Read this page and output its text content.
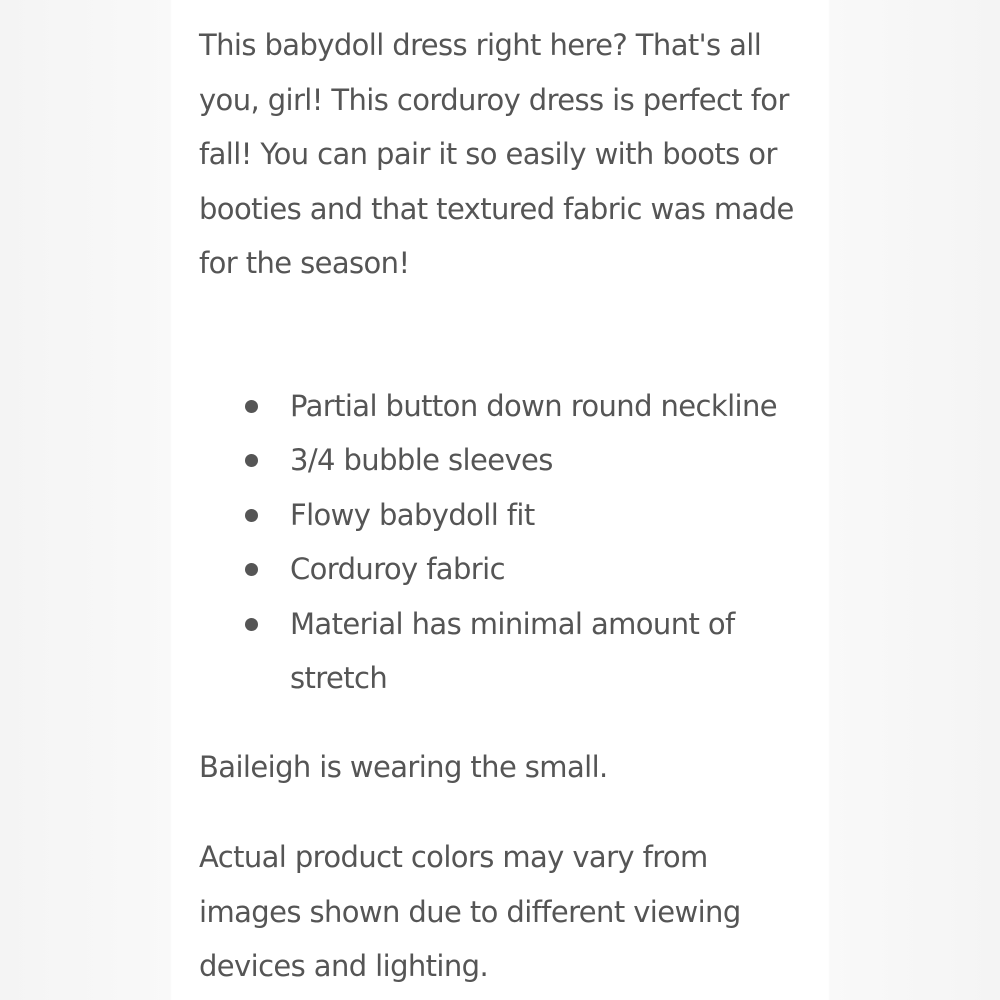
This babydoll dress right here? That's all you, girl! This corduroy dress is perfect for fall! You can pair it so easily with boots or booties and that textured fabric was made for the season!

Partial button down round neckline
3/4 bubble sleeves
Flowy babydoll fit
Corduroy fabric
Material has minimal amount of stretch

Baileigh is wearing the small.

Actual product colors may vary from images shown due to different viewing devices and lighting.
